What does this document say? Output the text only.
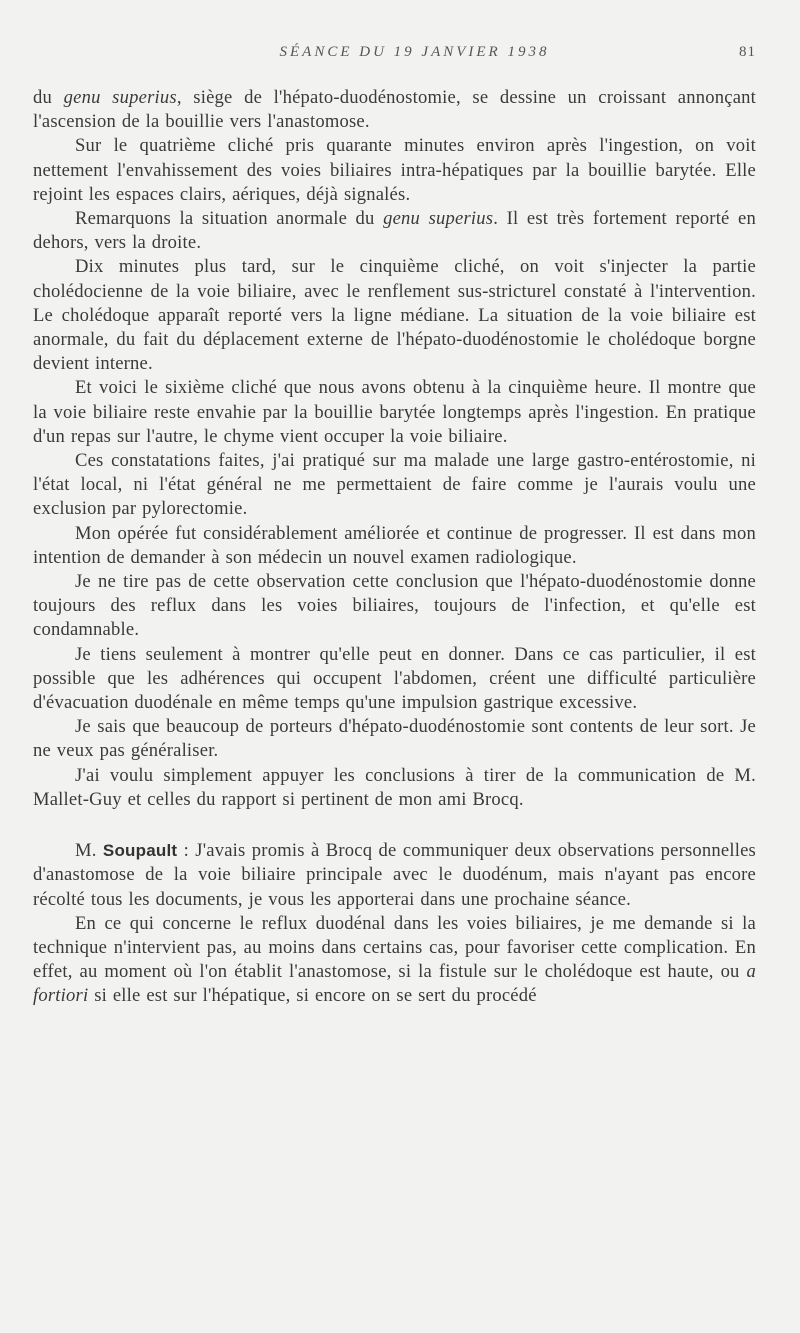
SÉANCE DU 19 JANVIER 1938	81

du genu superius, siège de l'hépato-duodénostomie, se dessine un croissant annonçant l'ascension de la bouillie vers l'anastomose.

Sur le quatrième cliché pris quarante minutes environ après l'ingestion, on voit nettement l'envahissement des voies biliaires intra-hépatiques par la bouillie barytée. Elle rejoint les espaces clairs, aériques, déjà signalés.

Remarquons la situation anormale du genu superius. Il est très fortement reporté en dehors, vers la droite.

Dix minutes plus tard, sur le cinquième cliché, on voit s'injecter la partie cholédocienne de la voie biliaire, avec le renflement sus-stricturel constaté à l'intervention. Le cholédoque apparaît reporté vers la ligne médiane. La situation de la voie biliaire est anormale, du fait du déplacement externe de l'hépato-duodénostomie le cholédoque borgne devient interne.

Et voici le sixième cliché que nous avons obtenu à la cinquième heure. Il montre que la voie biliaire reste envahie par la bouillie barytée longtemps après l'ingestion. En pratique d'un repas sur l'autre, le chyme vient occuper la voie biliaire.

Ces constatations faites, j'ai pratiqué sur ma malade une large gastro-entérostomie, ni l'état local, ni l'état général ne me permettaient de faire comme je l'aurais voulu une exclusion par pylorectomie.

Mon opérée fut considérablement améliorée et continue de progresser. Il est dans mon intention de demander à son médecin un nouvel examen radiologique.

Je ne tire pas de cette observation cette conclusion que l'hépato-duodénostomie donne toujours des reflux dans les voies biliaires, toujours de l'infection, et qu'elle est condamnable.

Je tiens seulement à montrer qu'elle peut en donner. Dans ce cas particulier, il est possible que les adhérences qui occupent l'abdomen, créent une difficulté particulière d'évacuation duodénale en même temps qu'une impulsion gastrique excessive.

Je sais que beaucoup de porteurs d'hépato-duodénostomie sont contents de leur sort. Je ne veux pas généraliser.

J'ai voulu simplement appuyer les conclusions à tirer de la communication de M. Mallet-Guy et celles du rapport si pertinent de mon ami Brocq.

M. Soupault : J'avais promis à Brocq de communiquer deux observations personnelles d'anastomose de la voie biliaire principale avec le duodénum, mais n'ayant pas encore récolté tous les documents, je vous les apporterai dans une prochaine séance.

En ce qui concerne le reflux duodénal dans les voies biliaires, je me demande si la technique n'intervient pas, au moins dans certains cas, pour favoriser cette complication. En effet, au moment où l'on établit l'anastomose, si la fistule sur le cholédoque est haute, ou a fortiori si elle est sur l'hépatique, si encore on se sert du procédé
